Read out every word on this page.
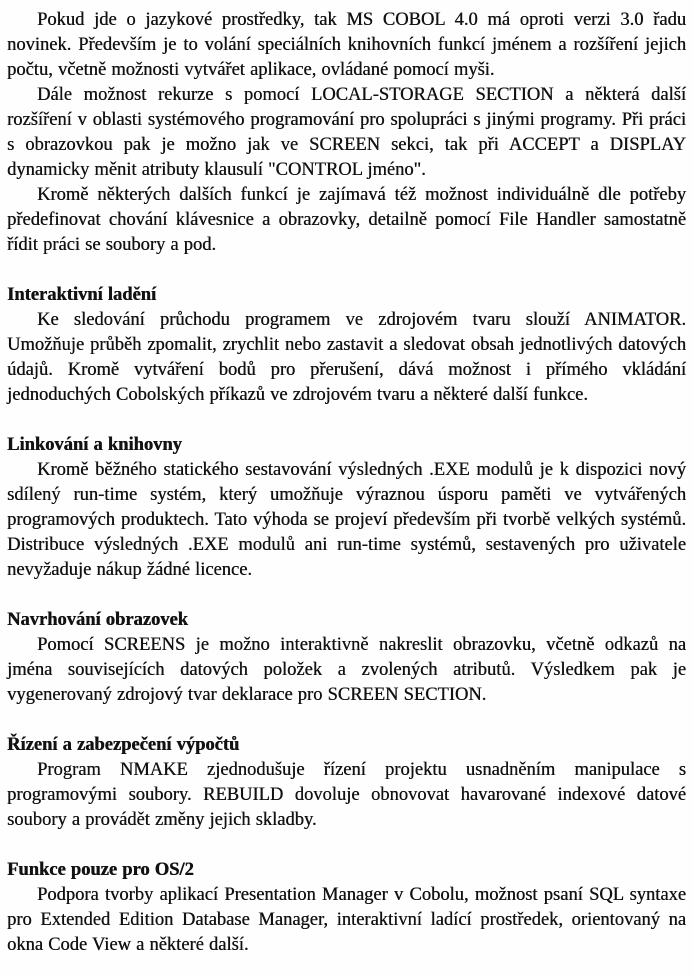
Pokud jde o jazykové prostředky, tak MS COBOL 4.0 má oproti verzi 3.0 řadu novinek. Především je to volání speciálních knihovních funkcí jménem a rozšíření jejich počtu, včetně možnosti vytvářet aplikace, ovládané pomocí myši.

Dále možnost rekurze s pomocí LOCAL-STORAGE SECTION a některá další rozšíření v oblasti systémového programování pro spolupráci s jinými programy. Při práci s obrazovkou pak je možno jak ve SCREEN sekci, tak při ACCEPT a DISPLAY dynamicky měnit atributy klausulí "CONTROL jméno".

Kromě některých dalších funkcí je zajímavá též možnost individuálně dle potřeby předefinovat chování klávesnice a obrazovky, detailně pomocí File Handler samostatně řídit práci se soubory a pod.

Interaktivní ladění

Ke sledování průchodu programem ve zdrojovém tvaru slouží ANIMATOR. Umožňuje průběh zpomalit, zrychlit nebo zastavit a sledovat obsah jednotlivých datových údajů. Kromě vytváření bodů pro přerušení, dává možnost i přímého vkládání jednoduchých Cobolských příkazů ve zdrojovém tvaru a některé další funkce.

Linkování a knihovny

Kromě běžného statického sestavování výsledných .EXE modulů je k dispozici nový sdílený run-time systém, který umožňuje výraznou úsporu paměti ve vytvářených programových produktech. Tato výhoda se projeví především při tvorbě velkých systémů. Distribuce výsledných .EXE modulů ani run-time systémů, sestavených pro uživatele nevyžaduje nákup žádné licence.

Navrhování obrazovek

Pomocí SCREENS je možno interaktivně nakreslit obrazovku, včetně odkazů na jména souvisejících datových položek a zvolených atributů. Výsledkem pak je vygenerovaný zdrojový tvar deklarace pro SCREEN SECTION.

Řízení a zabezpečení výpočtů

Program NMAKE zjednodušuje řízení projektu usnadněním manipulace s programovými soubory. REBUILD dovoluje obnovovat havarované indexové datové soubory a provádět změny jejich skladby.

Funkce pouze pro OS/2

Podpora tvorby aplikací Presentation Manager v Cobolu, možnost psaní SQL syntaxe pro Extended Edition Database Manager, interaktivní ladící prostředek, orientovaný na okna Code View a některé další.
